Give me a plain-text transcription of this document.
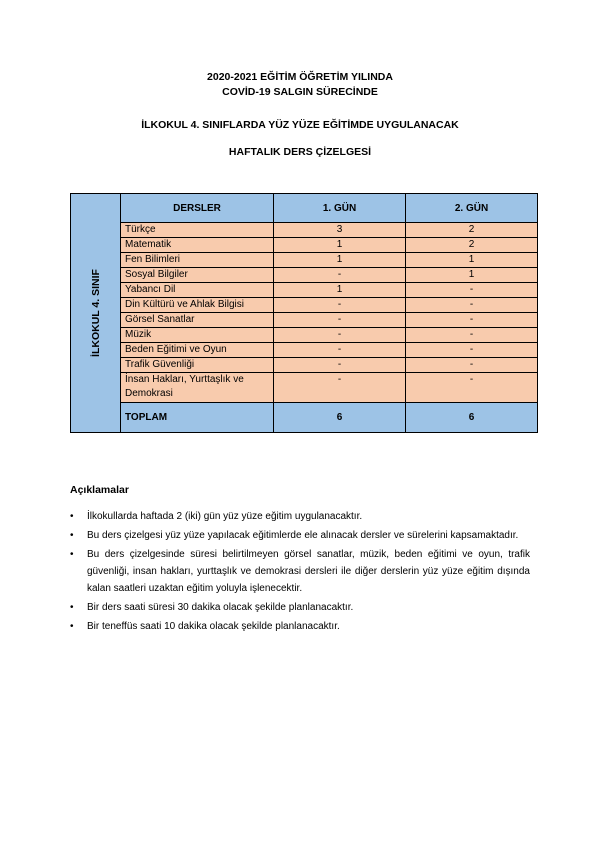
2020-2021 EĞİTİM ÖĞRETİM YILINDA
COVİD-19 SALGIN SÜRECİNDE
İLKOKUL 4. SINIFLARDA YÜZ YÜZE EĞİTİMDE UYGULANACAK
HAFTALIK DERS ÇİZELGESİ
İLKOKUL 4. SINIF	DERSLER	1. GÜN	2. GÜN
	Türkçe	3	2
	Matematik	1	2
	Fen Bilimleri	1	1
	Sosyal Bilgiler	-	1
	Yabancı Dil	1	-
	Din Kültürü ve Ahlak Bilgisi	-	-
	Görsel Sanatlar	-	-
	Müzik	-	-
	Beden Eğitimi ve Oyun	-	-
	Trafik Güvenliği	-	-
	İnsan Hakları, Yurttaşlık ve Demokrasi	-	-
	TOPLAM	6	6
Açıklamalar
• İlkokullarda haftada 2 (iki) gün yüz yüze eğitim uygulanacaktır.
• Bu ders çizelgesi yüz yüze yapılacak eğitimlerde ele alınacak dersler ve sürelerini kapsamaktadır.
• Bu ders çizelgesinde süresi belirtilmeyen görsel sanatlar, müzik, beden eğitimi ve oyun, trafik güvenliği, insan hakları, yurttaşlık ve demokrasi dersleri ile diğer derslerin yüz yüze eğitim dışında kalan saatleri uzaktan eğitim yoluyla işlenecektir.
• Bir ders saati süresi 30 dakika olacak şekilde planlanacaktır.
• Bir teneffüs saati 10 dakika olacak şekilde planlanacaktır.
